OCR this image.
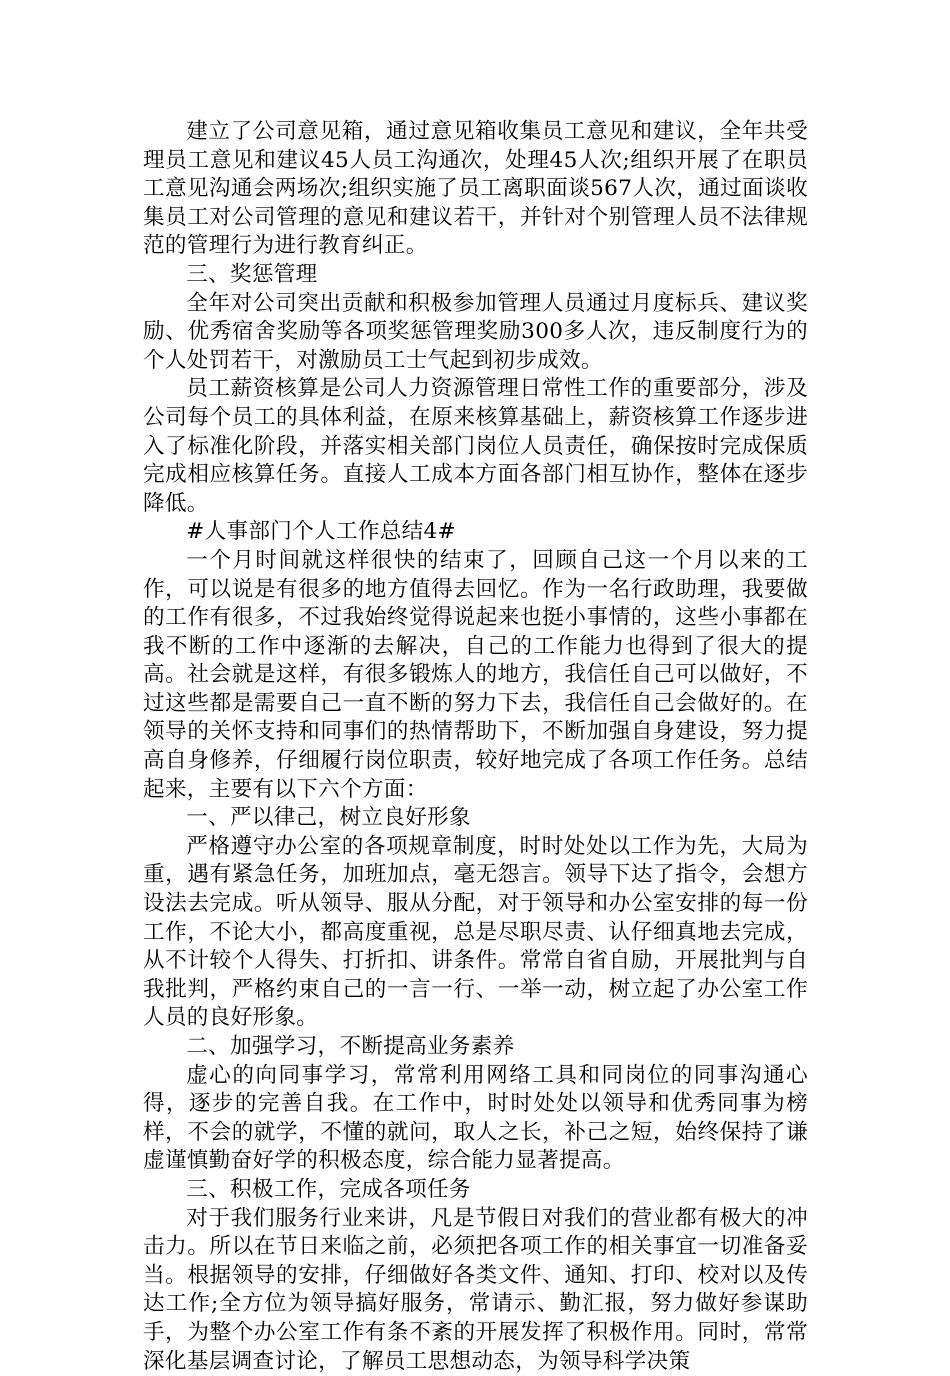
建立了公司意见箱，通过意见箱收集员工意见和建议，全年共受理员工意见和建议45人员工沟通次，处理45人次;组织开展了在职员工意见沟通会两场次;组织实施了员工离职面谈567人次，通过面谈收集员工对公司管理的意见和建议若干，并针对个别管理人员不法律规范的管理行为进行教育纠正。

三、奖惩管理

全年对公司突出贡献和积极参加管理人员通过月度标兵、建议奖励、优秀宿舍奖励等各项奖惩管理奖励300多人次，违反制度行为的个人处罚若干，对激励员工士气起到初步成效。

员工薪资核算是公司人力资源管理日常性工作的重要部分，涉及公司每个员工的具体利益，在原来核算基础上，薪资核算工作逐步进入了标准化阶段，并落实相关部门岗位人员责任，确保按时完成保质完成相应核算任务。直接人工成本方面各部门相互协作，整体在逐步降低。

#人事部门个人工作总结4#

一个月时间就这样很快的结束了，回顾自己这一个月以来的工作，可以说是有很多的地方值得去回忆。作为一名行政助理，我要做的工作有很多，不过我始终觉得说起来也挺小事情的，这些小事都在我不断的工作中逐渐的去解决，自己的工作能力也得到了很大的提高。社会就是这样，有很多锻炼人的地方，我信任自己可以做好，不过这些都是需要自己一直不断的努力下去，我信任自己会做好的。在领导的关怀支持和同事们的热情帮助下，不断加强自身建设，努力提高自身修养，仔细履行岗位职责，较好地完成了各项工作任务。总结起来，主要有以下六个方面：

一、严以律己，树立良好形象

严格遵守办公室的各项规章制度，时时处处以工作为先，大局为重，遇有紧急任务，加班加点，毫无怨言。领导下达了指令，会想方设法去完成。听从领导、服从分配，对于领导和办公室安排的每一份工作，不论大小，都高度重视，总是尽职尽责、认仔细真地去完成，从不计较个人得失、打折扣、讲条件。常常自省自励，开展批判与自我批判，严格约束自己的一言一行、一举一动，树立起了办公室工作人员的良好形象。

二、加强学习，不断提高业务素养

虚心的向同事学习，常常利用网络工具和同岗位的同事沟通心得，逐步的完善自我。在工作中，时时处处以领导和优秀同事为榜样，不会的就学，不懂的就问，取人之长，补己之短，始终保持了谦虚谨慎勤奋好学的积极态度，综合能力显著提高。

三、积极工作，完成各项任务

对于我们服务行业来讲，凡是节假日对我们的营业都有极大的冲击力。所以在节日来临之前，必须把各项工作的相关事宜一切准备妥当。根据领导的安排，仔细做好各类文件、通知、打印、校对以及传达工作;全方位为领导搞好服务，常请示、勤汇报，努力做好参谋助手，为整个办公室工作有条不紊的开展发挥了积极作用。同时，常常深化基层调查讨论，了解员工思想动态，为领导科学决策
